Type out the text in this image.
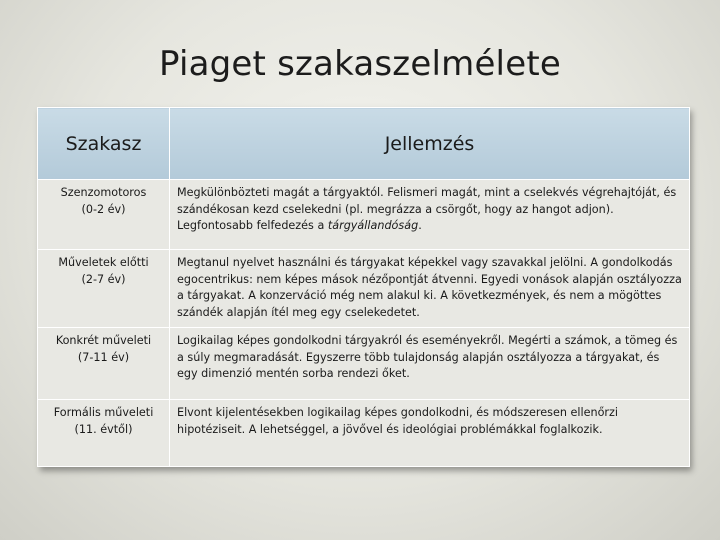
Piaget szakaszelmélete
Szakasz	Jellemzés

Szenzomotoros
(0-2 év)	Megkülönbözteti magát a tárgyaktól. Felismeri magát, mint a cselekvés végrehajtóját, és szándékosan kezd cselekedni (pl. megrázza a csörgőt, hogy az hangot adjon). Legfontosabb felfedezés a tárgyállandóság.

Műveletek előtti
(2-7 év)	Megtanul nyelvet használni és tárgyakat képekkel vagy szavakkal jelölni. A gondolkodás egocentrikus: nem képes mások nézőpontját átvenni. Egyedi vonások alapján osztályozza a tárgyakat. A konzerváció még nem alakul ki. A következmények, és nem a mögöttes szándék alapján ítél meg egy cselekedetet.

Konkrét műveleti
(7-11 év)	Logikailag képes gondolkodni tárgyakról és eseményekről. Megérti a számok, a tömeg és a súly megmaradását. Egyszerre több tulajdonság alapján osztályozza a tárgyakat, és egy dimenzió mentén sorba rendezi őket.

Formális műveleti
(11. évtől)	Elvont kijelentésekben logikailag képes gondolkodni, és módszeresen ellenőrzi hipotéziseit. A lehetséggel, a jövővel és ideológiai problémákkal foglalkozik.
